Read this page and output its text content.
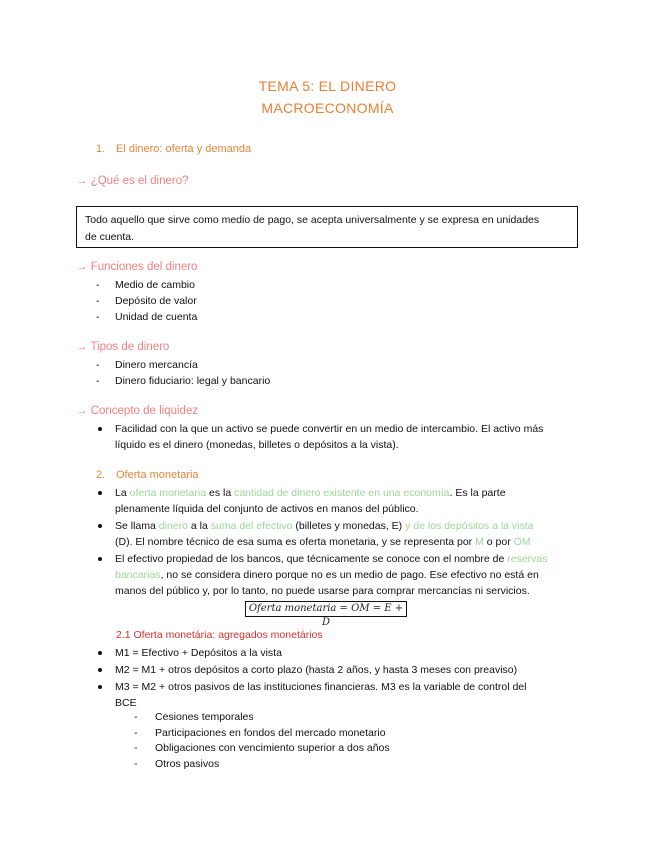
TEMA 5: EL DINERO
MACROECONOMÍA
1. El dinero: oferta y demanda
→ ¿Qué es el dinero?
Todo aquello que sirve como medio de pago, se acepta universalmente y se expresa en unidades
de cuenta.
→ Funciones del dinero
- Medio de cambio
- Depósito de valor
- Unidad de cuenta
→ Tipos de dinero
- Dinero mercancía
- Dinero fiduciario: legal y bancario
→ Concepto de liquidez
Facilidad con la que un activo se puede convertir en un medio de intercambio. El activo más
líquido es el dinero (monedas, billetes o depósitos a la vista).
2. Oferta monetaria
La oferta monetaria es la cantidad de dinero existente en una economía. Es la parte
plenamente líquida del conjunto de activos en manos del público.
Se llama dinero a la suma del efectivo (billetes y monedas, E) y de los depósitos a la vista
(D). El nombre técnico de esa suma es oferta monetaria, y se representa por M o por OM
El efectivo propiedad de los bancos, que técnicamente se conoce con el nombre de reservas
bancarias, no se considera dinero porque no es un medio de pago. Ese efectivo no está en
manos del público y, por lo tanto, no puede usarse para comprar mercancías ni servicios.
Oferta monetaria = OM = E + D
2.1 Oferta monetária: agregados monetários
M1 = Efectivo + Depósitos a la vista
M2 = M1 + otros depósitos a corto plazo (hasta 2 años, y hasta 3 meses con preaviso)
M3 = M2 + otros pasivos de las instituciones financieras. M3 es la variable de control del
BCE
- Cesiones temporales
- Participaciones en fondos del mercado monetario
- Obligaciones con vencimiento superior a dos años
- Otros pasivos
